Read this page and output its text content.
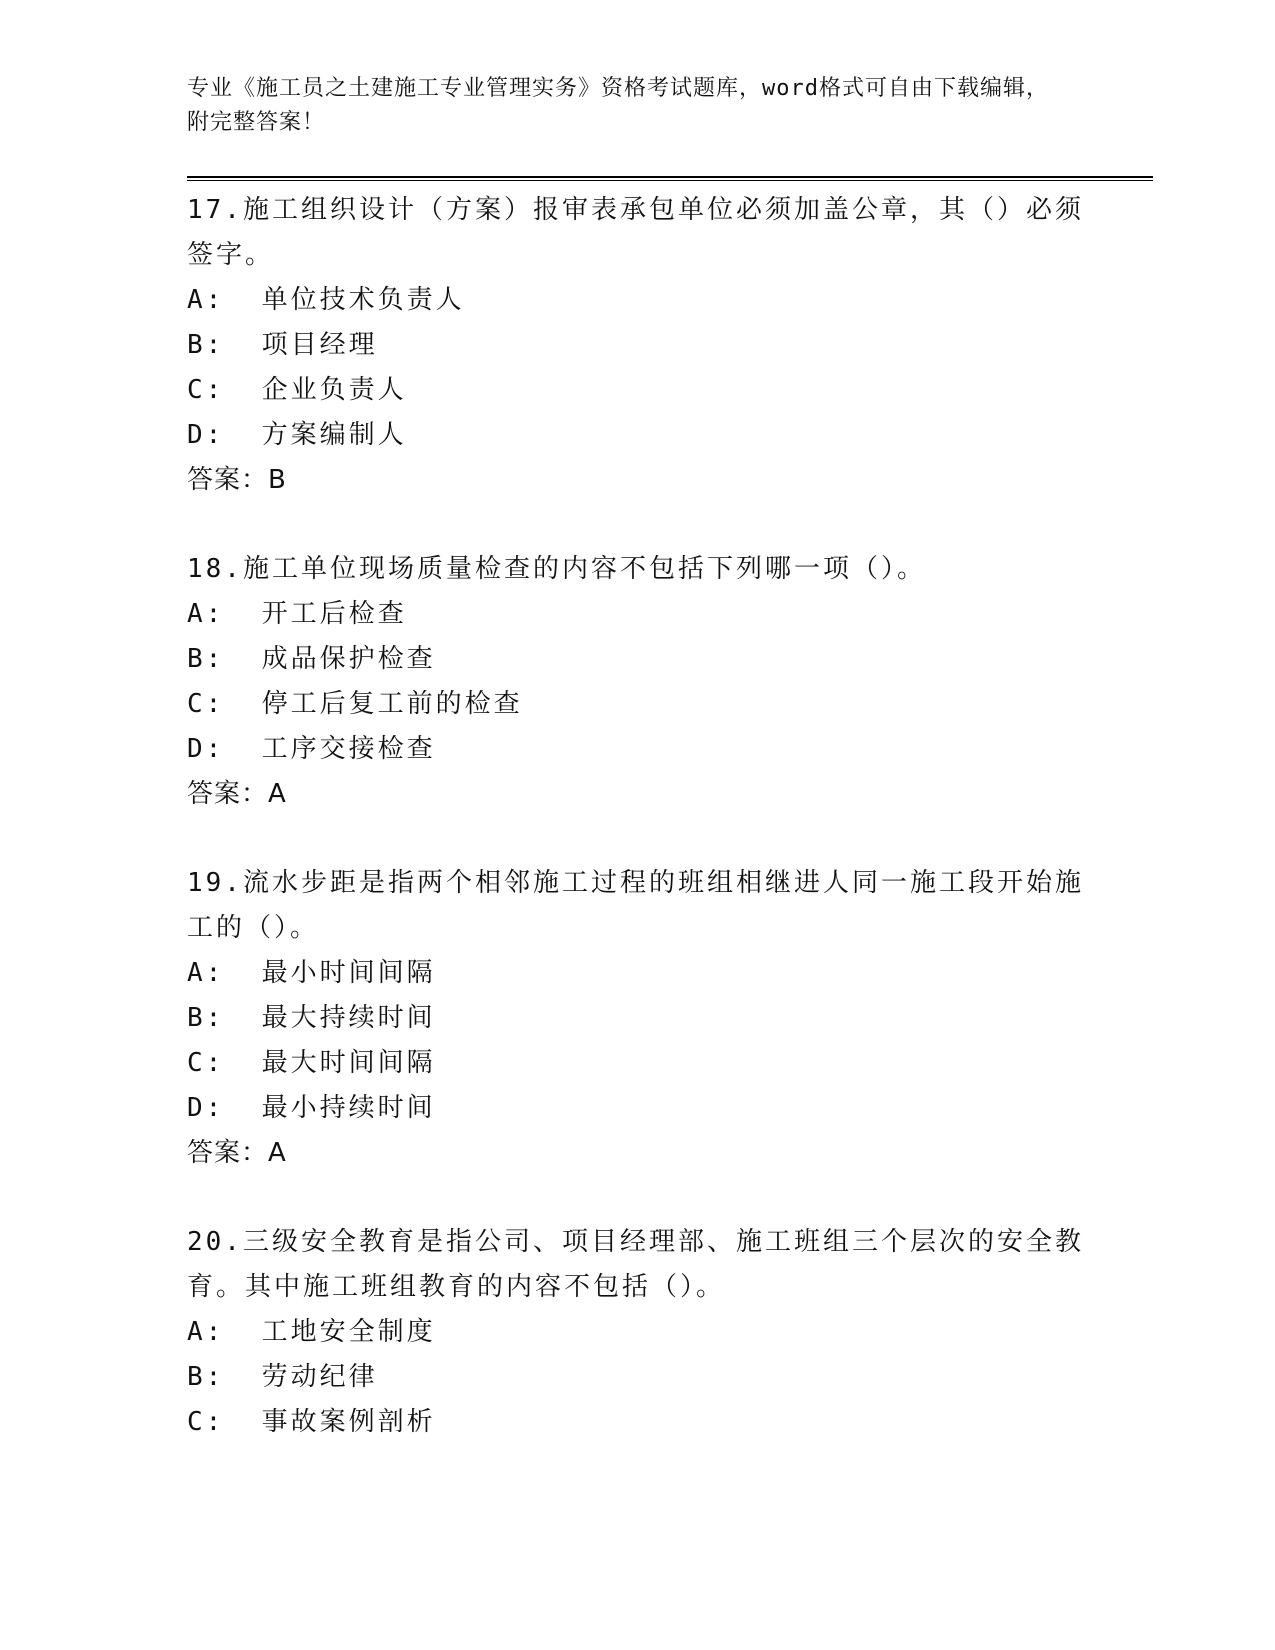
专业《施工员之土建施工专业管理实务》资格考试题库，word格式可自由下载编辑，附完整答案！

17.施工组织设计（方案）报审表承包单位必须加盖公章，其（）必须签字。

A:  单位技术负责人

B:  项目经理

C:  企业负责人

D:  方案编制人

答案：B

18.施工单位现场质量检查的内容不包括下列哪一项（）。

A:  开工后检查

B:  成品保护检查

C:  停工后复工前的检查

D:  工序交接检查

答案：A

19.流水步距是指两个相邻施工过程的班组相继进人同一施工段开始施工的（）。

A:  最小时间间隔

B:  最大持续时间

C:  最大时间间隔

D:  最小持续时间

答案：A

20.三级安全教育是指公司、项目经理部、施工班组三个层次的安全教育。其中施工班组教育的内容不包括（）。

A:  工地安全制度

B:  劳动纪律

C:  事故案例剖析
